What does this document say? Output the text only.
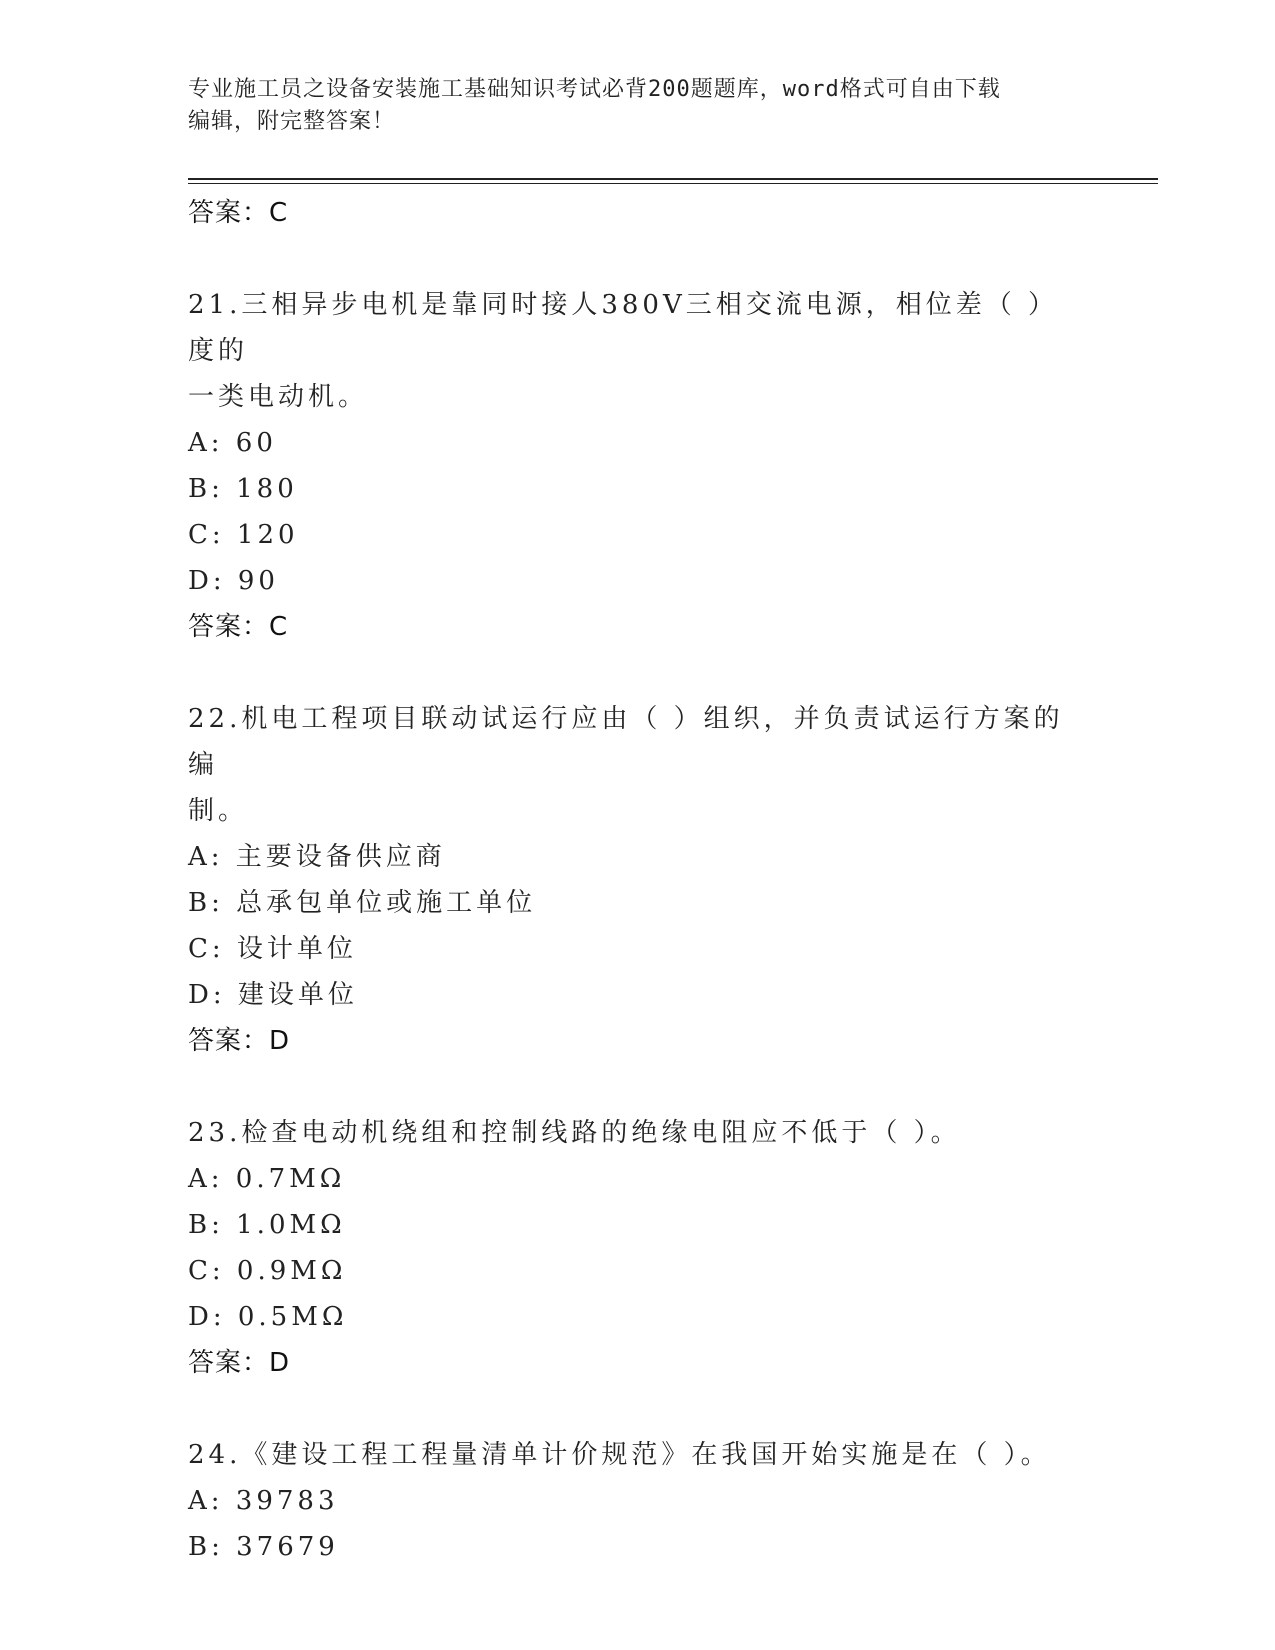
专业施工员之设备安装施工基础知识考试必背200题题库，word格式可自由下载
编辑，附完整答案！
答案：C
21.三相异步电机是靠同时接人380V三相交流电源，相位差（ ）度的
一类电动机。
A: 60
B: 180
C: 120
D: 90
答案：C
22.机电工程项目联动试运行应由（ ）组织，并负责试运行方案的编
制。
A: 主要设备供应商
B: 总承包单位或施工单位
C: 设计单位
D: 建设单位
答案：D
23.检查电动机绕组和控制线路的绝缘电阻应不低于（ ）。
A: 0.7MΩ
B: 1.0MΩ
C: 0.9MΩ
D: 0.5MΩ
答案：D
24.《建设工程工程量清单计价规范》在我国开始实施是在（ ）。
A: 39783
B: 37679
